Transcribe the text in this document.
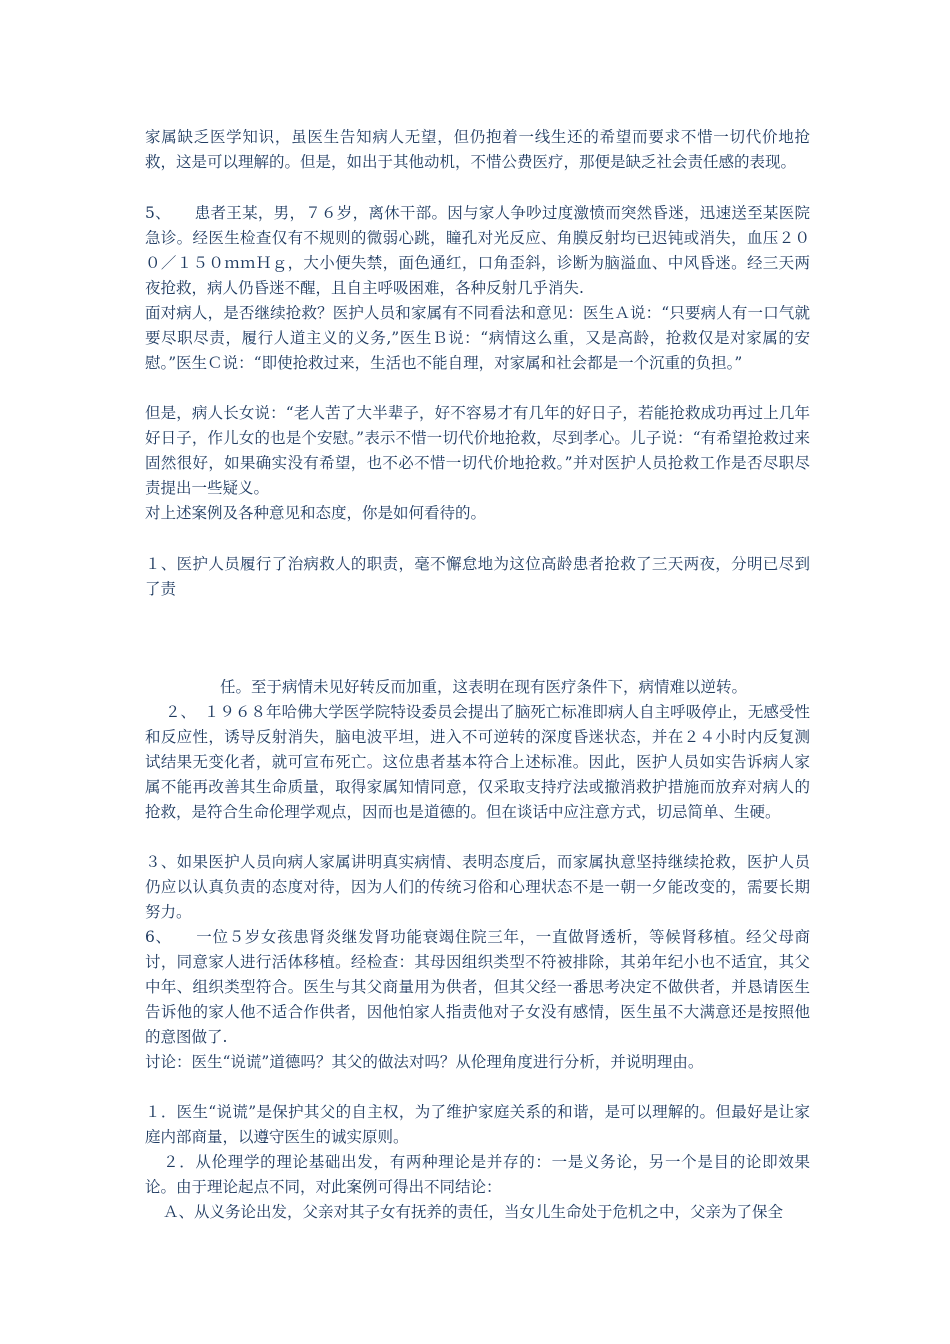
家属缺乏医学知识，虽医生告知病人无望，但仍抱着一线生还的希望而要求不惜一切代价地抢救，这是可以理解的。但是，如出于其他动机，不惜公费医疗，那便是缺乏社会责任感的表现。

5、　　患者王某，男，７６岁，离休干部。因与家人争吵过度激愤而突然昏迷，迅速送至某医院急诊。经医生检查仅有不规则的微弱心跳，瞳孔对光反应、角膜反射均已迟钝或消失，血压２００／１５０ｍｍＨｇ，大小便失禁，面色通红，口角歪斜，诊断为脑溢血、中风昏迷。经三天两夜抢救，病人仍昏迷不醒，且自主呼吸困难，各种反射几乎消失.

面对病人，是否继续抢救？医护人员和家属有不同看法和意见：医生Ａ说：“只要病人有一口气就要尽职尽责，履行人道主义的义务,”医生Ｂ说：“病情这么重，又是高龄，抢救仅是对家属的安慰。”医生Ｃ说：“即使抢救过来，生活也不能自理，对家属和社会都是一个沉重的负担。”

但是，病人长女说：“老人苦了大半辈子，好不容易才有几年的好日子，若能抢救成功再过上几年好日子，作儿女的也是个安慰。”表示不惜一切代价地抢救，尽到孝心。儿子说：“有希望抢救过来固然很好，如果确实没有希望，也不必不惜一切代价地抢救。”并对医护人员抢救工作是否尽职尽责提出一些疑义。

对上述案例及各种意见和态度，你是如何看待的。

１、医护人员履行了治病救人的职责，毫不懈怠地为这位高龄患者抢救了三天两夜，分明已尽到了责

任。至于病情未见好转反而加重，这表明在现有医疗条件下，病情难以逆转。

２、　１９６８年哈佛大学医学院特设委员会提出了脑死亡标准即病人自主呼吸停止，无感受性和反应性，诱导反射消失，脑电波平坦，进入不可逆转的深度昏迷状态，并在２４小时内反复测试结果无变化者，就可宣布死亡。这位患者基本符合上述标准。因此，医护人员如实告诉病人家属不能再改善其生命质量，取得家属知情同意，仅采取支持疗法或撤消救护措施而放弃对病人的抢救，是符合生命伦理学观点，因而也是道德的。但在谈话中应注意方式，切忌简单、生硬。

３、如果医护人员向病人家属讲明真实病情、表明态度后，而家属执意坚持继续抢救，医护人员仍应以认真负责的态度对待，因为人们的传统习俗和心理状态不是一朝一夕能改变的，需要长期努力。

6、　　一位５岁女孩患肾炎继发肾功能衰竭住院三年，一直做肾透析，等候肾移植。经父母商讨，同意家人进行活体移植。经检查：其母因组织类型不符被排除，其弟年纪小也不适宜，其父中年、组织类型符合。医生与其父商量用为供者，但其父经一番思考决定不做供者，并恳请医生告诉他的家人他不适合作供者，因他怕家人指责他对子女没有感情，医生虽不大满意还是按照他的意图做了.

讨论：医生“说谎”道德吗？其父的做法对吗？从伦理角度进行分析，并说明理由。

１．医生“说谎”是保护其父的自主权，为了维护家庭关系的和谐，是可以理解的。但最好是让家庭内部商量，以遵守医生的诚实原则。

２．从伦理学的理论基础出发，有两种理论是并存的：一是义务论，另一个是目的论即效果论。由于理论起点不同，对此案例可得出不同结论：

Ａ、从义务论出发，父亲对其子女有抚养的责任，当女儿生命处于危机之中，父亲为了保全
